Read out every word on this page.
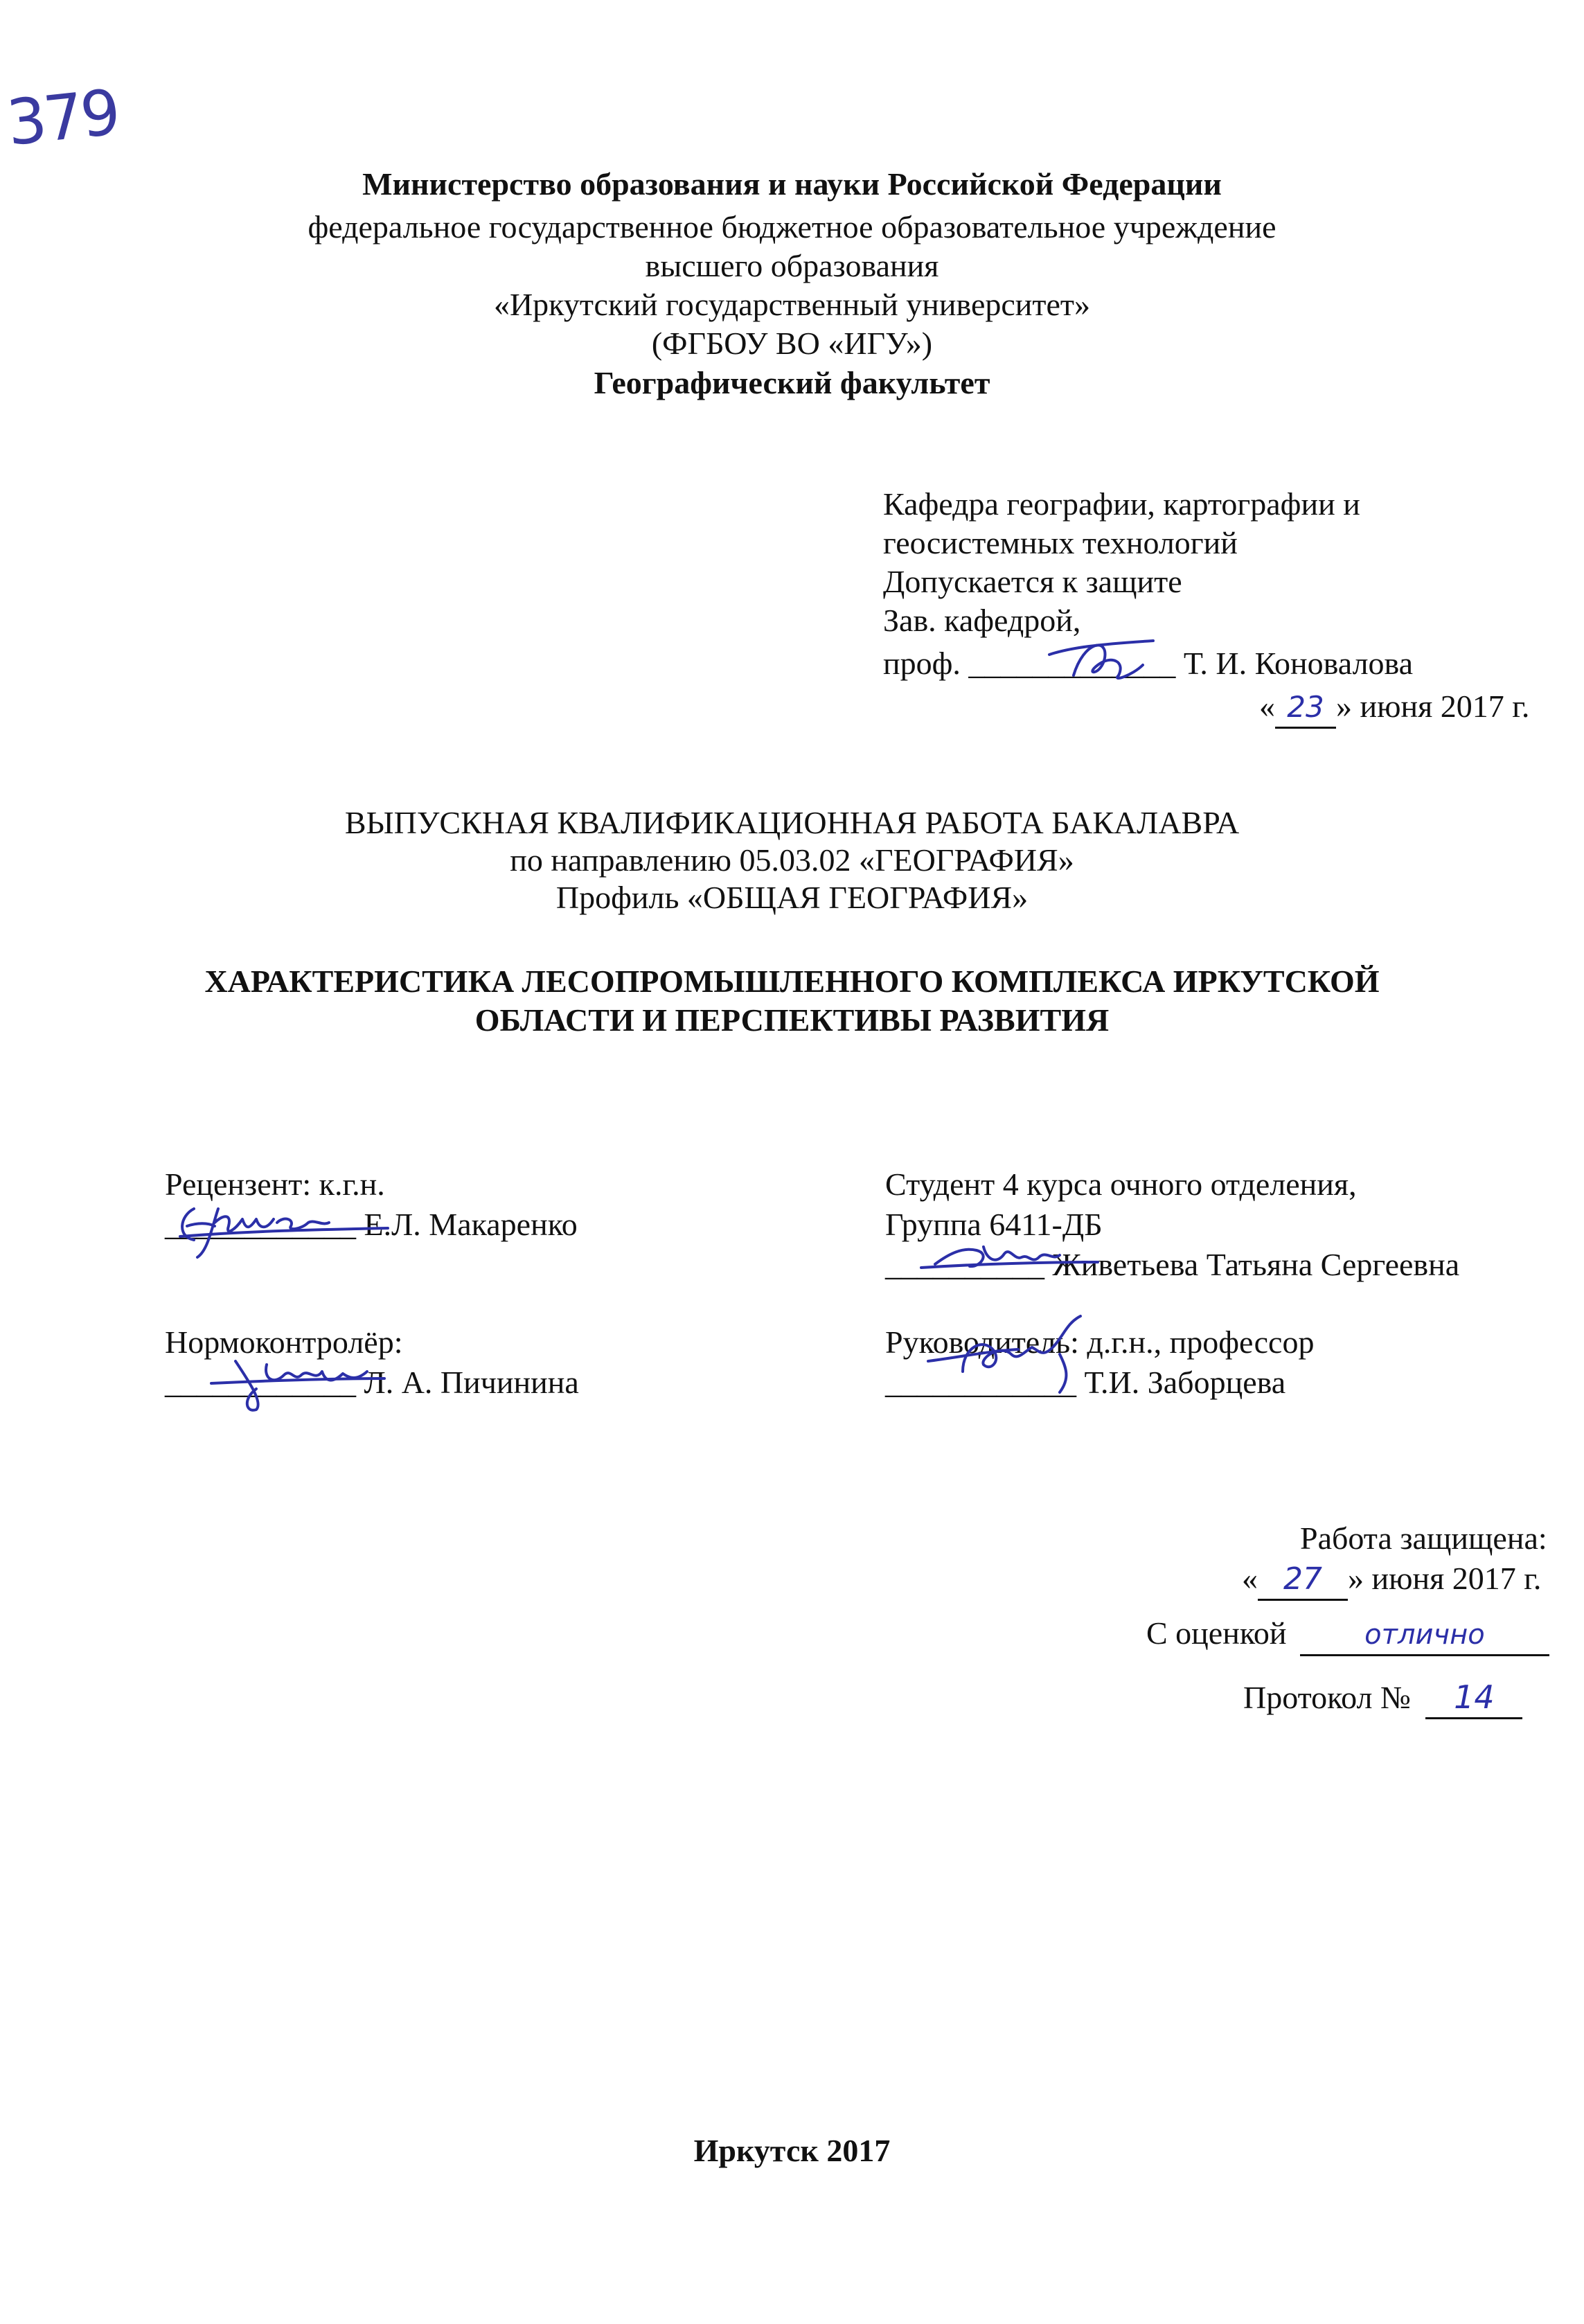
379
Министерство образования и науки Российской Федерации
федеральное государственное бюджетное образовательное учреждение
высшего образования
«Иркутский государственный университет»
(ФГБОУ ВО «ИГУ»)
Географический факультет
Кафедра географии, картографии и
геосистемных технологий
Допускается к защите
Зав. кафедрой,
проф. _____________ Т. И. Коновалова
« 23 » июня 2017 г.
ВЫПУСКНАЯ КВАЛИФИКАЦИОННАЯ РАБОТА БАКАЛАВРА
по направлению 05.03.02 «ГЕОГРАФИЯ»
Профиль «ОБЩАЯ ГЕОГРАФИЯ»
ХАРАКТЕРИСТИКА ЛЕСОПРОМЫШЛЕННОГО КОМПЛЕКСА ИРКУТСКОЙ
ОБЛАСТИ И ПЕРСПЕКТИВЫ РАЗВИТИЯ
Рецензент: к.г.н.
____________ Е.Л. Макаренко
Нормоконтролёр:
____________ Л. А. Пичинина
Студент 4 курса очного отделения,
Группа 6411-ДБ
__________ Живетьева Татьяна Сергеевна
Руководитель: д.г.н., профессор
____________ Т.И. Заборцева
Работа защищена:
« 27 » июня 2017 г.
С оценкой	отлично
Протокол № 14
Иркутск 2017
